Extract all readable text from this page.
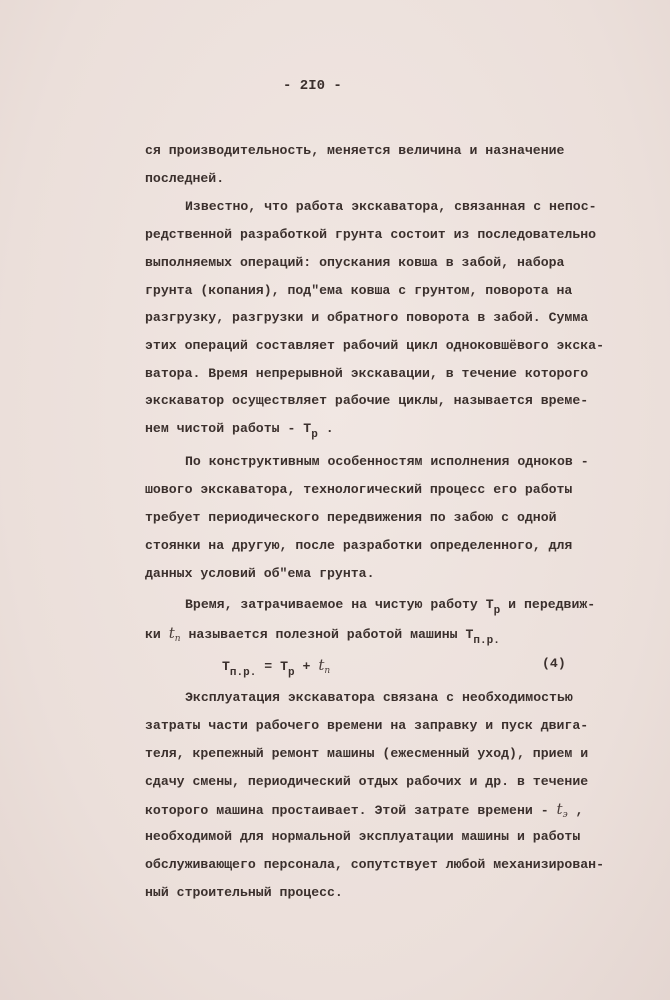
- 2I0 -
ся производительность, меняется величина и назначение
последней.
Известно, что работа экскаватора, связанная с непос-
редственной разработкой грунта состоит из последовательно
выполняемых операций: опускания ковша в забой, набора
грунта (копания), под"ема ковша с грунтом, поворота на
разгрузку, разгрузки и обратного поворота в забой. Сумма
этих операций составляет рабочий цикл одноковшёвого экска-
ватора. Время непрерывной экскавации, в течение которого
экскаватор осуществляет рабочие циклы, называется време-
нем чистой работы - $T_р$ .
По конструктивным особенностям исполнения одноков -
шового экскаватора, технологический процесс его работы
требует периодического передвижения по забою с одной
стоянки на другую, после разработки определенного, для
данных условий об"ема грунта.
Время, затрачиваемое на чистую работу $T_р$ и передвиж-
ки $t_п$ называется полезной работой машины $T_{п.р.}$
$T_{п.р.} = T_р + t_п$
Эксплуатация экскаватора связана с необходимостью
затраты части рабочего времени на заправку и пуск двига-
теля, крепежный ремонт машины (ежесменный уход), прием и
сдачу смены, периодический отдых рабочих и др. в течение
которого машина простаивает. Этой затрате времени - $t_э$ ,
необходимой для нормальной эксплуатации машины и работы
обслуживающего персонала, сопутствует любой механизирован-
ный строительный процесс.
(4)
